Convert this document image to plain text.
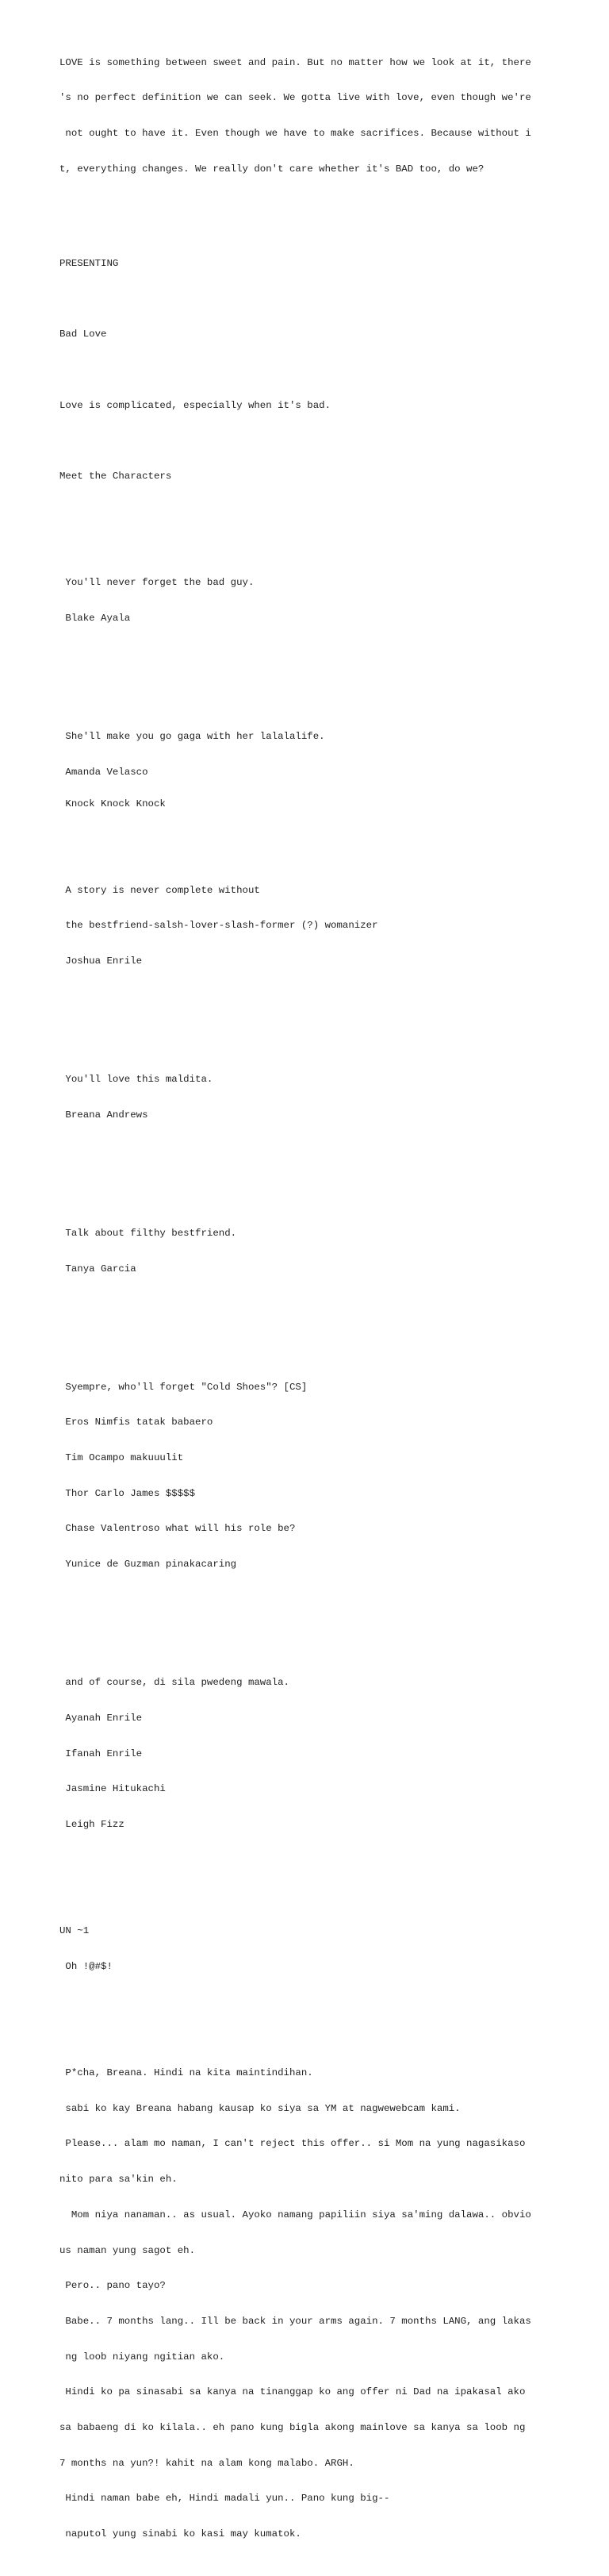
LOVE is something between sweet and pain. But no matter how we look at it, there

's no perfect definition we can seek. We gotta live with love, even though we're

not ought to have it. Even though we have to make sacrifices. Because without i

t, everything changes. We really don't care whether it's BAD too, do we?

PRESENTING

Bad Love

Love is complicated, especially when it's bad.

Meet the Characters

You'll never forget the bad guy.

Blake Ayala

She'll make you go gaga with her lalalalife.

Amanda Velasco

A story is never complete without

the bestfriend-salsh-lover-slash-former (?) womanizer

Joshua Enrile

You'll love this maldita.

Breana Andrews

Talk about filthy bestfriend.

Tanya Garcia

Syempre, who'll forget "Cold Shoes"? [CS]

Eros Nimfis tatak babaero

Tim Ocampo makuuulit

Thor Carlo James $$$$$

Chase Valentroso what will his role be?

Yunice de Guzman pinakacaring

and of course, di sila pwedeng mawala.

Ayanah Enrile

Ifanah Enrile

Jasmine Hitukachi

Leigh Fizz

UN ~1

Oh !@#$!

P*cha, Breana. Hindi na kita maintindihan.

sabi ko kay Breana habang kausap ko siya sa YM at nagwewebcam kami.

Please... alam mo naman, I can't reject this offer.. si Mom na yung nagasikaso

nito para sa'kin eh.

Mom niya nanaman.. as usual. Ayoko namang papiliin siya sa'ming dalawa.. obvio

us naman yung sagot eh.

Pero.. pano tayo?

Babe.. 7 months lang.. Ill be back in your arms again. 7 months LANG, ang lakas

ng loob niyang ngitian ako.

Hindi ko pa sinasabi sa kanya na tinanggap ko ang offer ni Dad na ipakasal ako

sa babaeng di ko kilala.. eh pano kung bigla akong mainlove sa kanya sa loob ng

7 months na yun?! kahit na alam kong malabo. ARGH.

Hindi naman babe eh, Hindi madali yun.. Pano kung big--

naputol yung sinabi ko kasi may kumatok.

Knock Knock Knock
